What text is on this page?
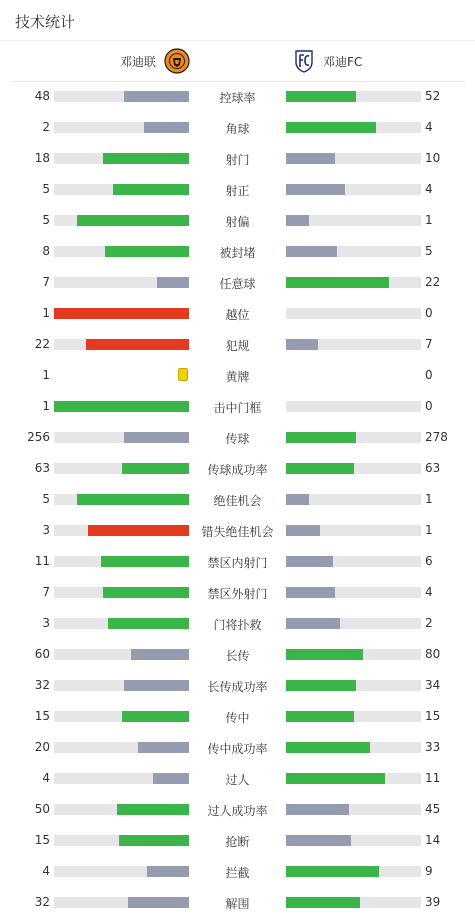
技术统计
邓迪联	邓迪FC
48	控球率	52
2	角球	4
18	射门	10
5	射正	4
5	射偏	1
8	被封堵	5
7	任意球	22
1	越位	0
22	犯规	7
1	黄牌	0
1	击中门框	0
256	传球	278
63	传球成功率	63
5	绝佳机会	1
3	错失绝佳机会	1
11	禁区内射门	6
7	禁区外射门	4
3	门将扑救	2
60	长传	80
32	长传成功率	34
15	传中	15
20	传中成功率	33
4	过人	11
50	过人成功率	45
15	抢断	14
4	拦截	9
32	解围	39
